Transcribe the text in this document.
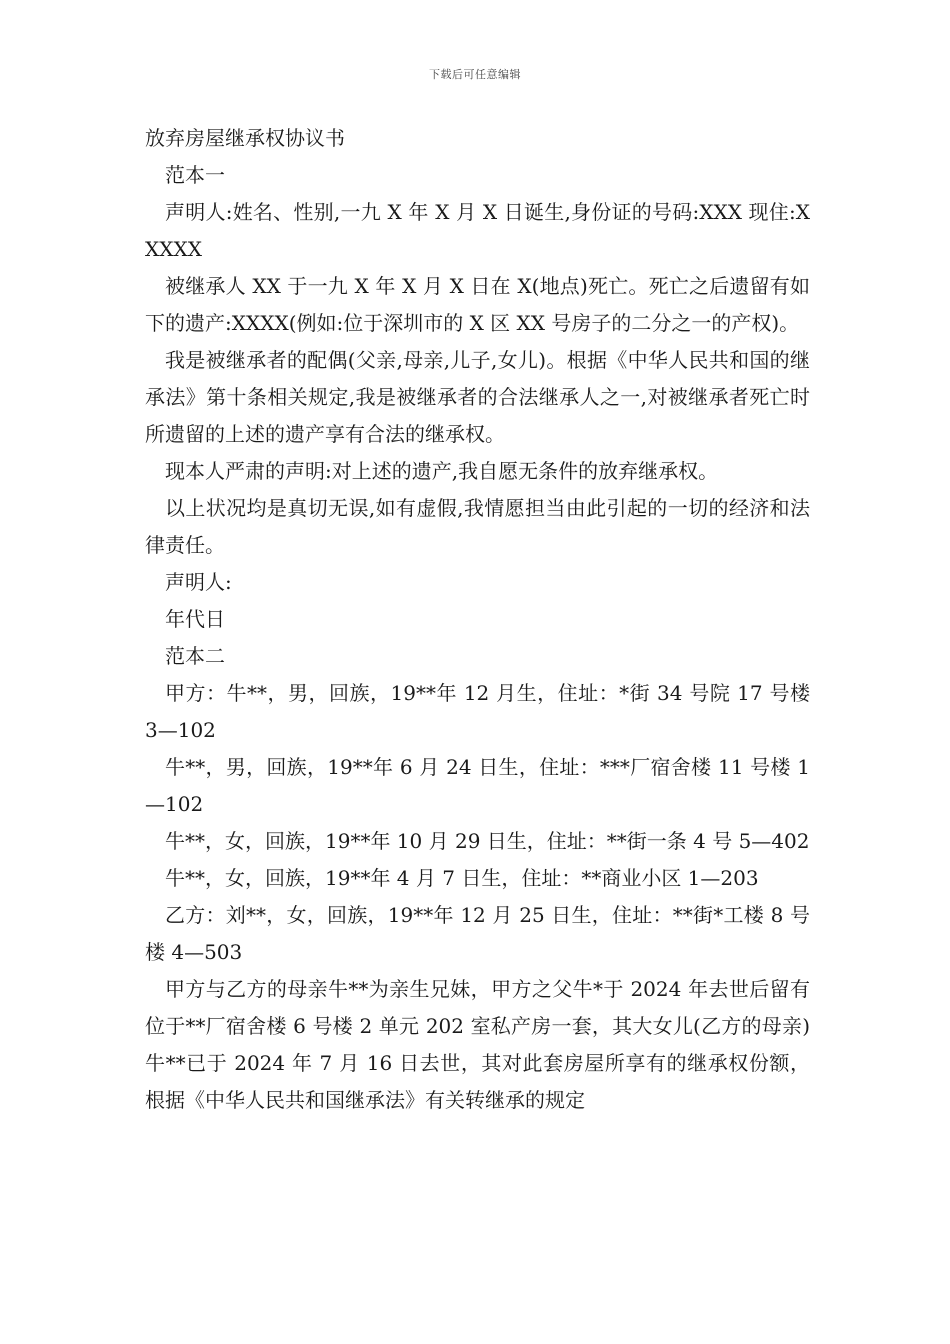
下载后可任意编辑

放弃房屋继承权协议书

范本一

声明人:姓名、性别,一九 X 年 X 月 X 日诞生,身份证的号码:XXX 现住:XXXXX

被继承人 XX 于一九 X 年 X 月 X 日在 X(地点)死亡。死亡之后遗留有如下的遗产:XXXX(例如:位于深圳市的 X 区 XX 号房子的二分之一的产权)。

我是被继承者的配偶(父亲,母亲,儿子,女儿)。根据《中华人民共和国的继承法》第十条相关规定,我是被继承者的合法继承人之一,对被继承者死亡时所遗留的上述的遗产享有合法的继承权。

现本人严肃的声明:对上述的遗产,我自愿无条件的放弃继承权。

以上状况均是真切无误,如有虚假,我情愿担当由此引起的一切的经济和法律责任。

声明人:

年代日

范本二

甲方：牛**，男，回族，19**年 12 月生，住址：*街 34 号院 17 号楼 3—102

牛**，男，回族，19**年 6 月 24 日生，住址：***厂宿舍楼 11 号楼 1—102

牛**，女，回族，19**年 10 月 29 日生，住址：**街一条 4 号 5—402

牛**，女，回族，19**年 4 月 7 日生，住址：**商业小区 1—203

乙方：刘**，女，回族，19**年 12 月 25 日生，住址：**街*工楼 8 号楼 4—503

甲方与乙方的母亲牛**为亲生兄妹，甲方之父牛*于 2024 年去世后留有位于**厂宿舍楼 6 号楼 2 单元 202 室私产房一套，其大女儿(乙方的母亲)牛**已于 2024 年 7 月 16 日去世，其对此套房屋所享有的继承权份额，根据《中华人民共和国继承法》有关转继承的规定
